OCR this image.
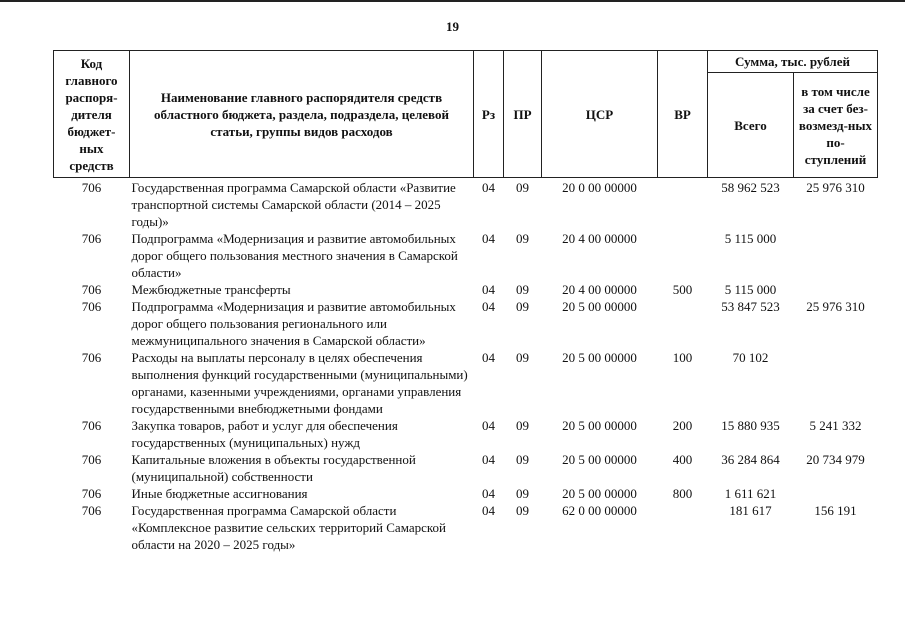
19
Код главного распоря-дителя бюджет-ных средств	Наименование главного распорядителя средств областного бюджета, раздела, подраздела, целевой статьи, группы видов расходов	Рз	ПР	ЦСР	ВР	Сумма, тыс. рублей	
						Всего	в том числе за счет без-возмезд-ных по-ступлений
706	Государственная программа Самарской области «Развитие транспортной системы Самарской области (2014 – 2025 годы)»	04	09	20 0 00 00000		58 962 523	25 976 310
706	Подпрограмма «Модернизация и развитие автомобильных дорог общего пользования местного значения в Самарской области»	04	09	20 4 00 00000		5 115 000	
706	Межбюджетные трансферты	04	09	20 4 00 00000	500	5 115 000	
706	Подпрограмма «Модернизация и развитие автомобильных дорог общего пользования регионального или межмуниципального значения в Самарской области»	04	09	20 5 00 00000		53 847 523	25 976 310
706	Расходы на выплаты персоналу в целях обеспечения выполнения функций государственными (муниципальными) органами, казенными учреждениями, органами управления государственными внебюджетными фондами	04	09	20 5 00 00000	100	70 102	
706	Закупка товаров, работ и услуг для обеспечения государственных (муниципальных) нужд	04	09	20 5 00 00000	200	15 880 935	5 241 332
706	Капитальные вложения в объекты государственной (муниципальной) собственности	04	09	20 5 00 00000	400	36 284 864	20 734 979
706	Иные бюджетные ассигнования	04	09	20 5 00 00000	800	1 611 621	
706	Государственная программа Самарской области «Комплексное развитие сельских территорий Самарской области на 2020 – 2025 годы»	04	09	62 0 00 00000		181 617	156 191
